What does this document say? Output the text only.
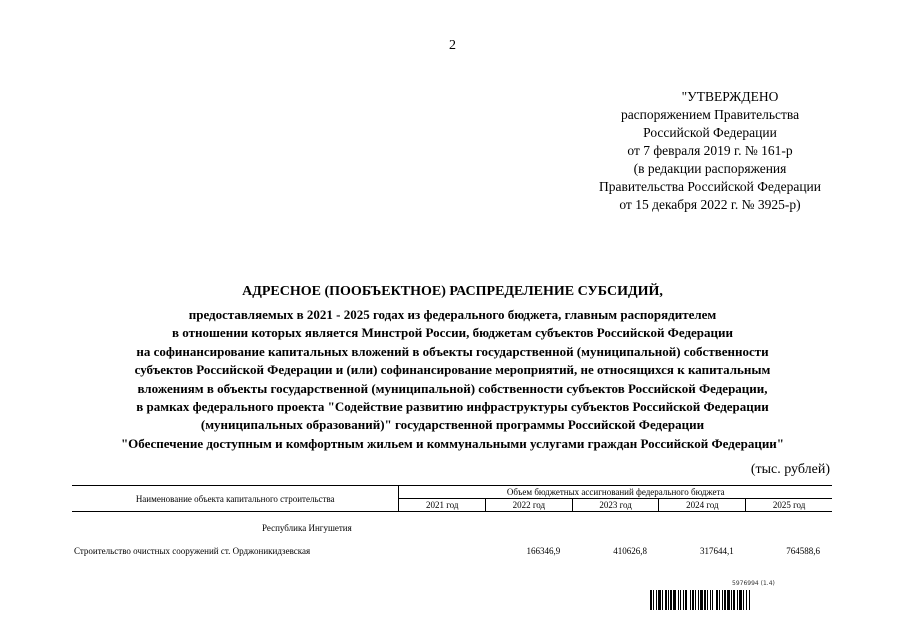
2
"УТВЕРЖДЕНО
распоряжением Правительства
Российской Федерации
от 7 февраля 2019 г. № 161-р
(в редакции распоряжения
Правительства Российской Федерации
от 15 декабря 2022 г. № 3925-р)
АДРЕСНОЕ (ПООБЪЕКТНОЕ) РАСПРЕДЕЛЕНИЕ СУБСИДИЙ,
предоставляемых в 2021 - 2025 годах из федерального бюджета, главным распорядителем
в отношении которых является Минстрой России, бюджетам субъектов Российской Федерации
на софинансирование капитальных вложений в объекты государственной (муниципальной) собственности
субъектов Российской Федерации и (или) софинансирование мероприятий, не относящихся к капитальным
вложениям в объекты государственной (муниципальной) собственности субъектов Российской Федерации,
в рамках федерального проекта "Содействие развитию инфраструктуры субъектов Российской Федерации
(муниципальных образований)" государственной программы Российской Федерации
"Обеспечение доступным и комфортным жильем и коммунальными услугами граждан Российской Федерации"
(тыс. рублей)
Наименование объекта капитального строительства	Объем бюджетных ассигнований федерального бюджета				
	2021 год	2022 год	2023 год	2024 год	2025 год
Республика Ингушетия					
Строительство очистных сооружений ст. Орджоникидзевская		166346,9	410626,8	317644,1	764588,6
5976994 (1.4)
